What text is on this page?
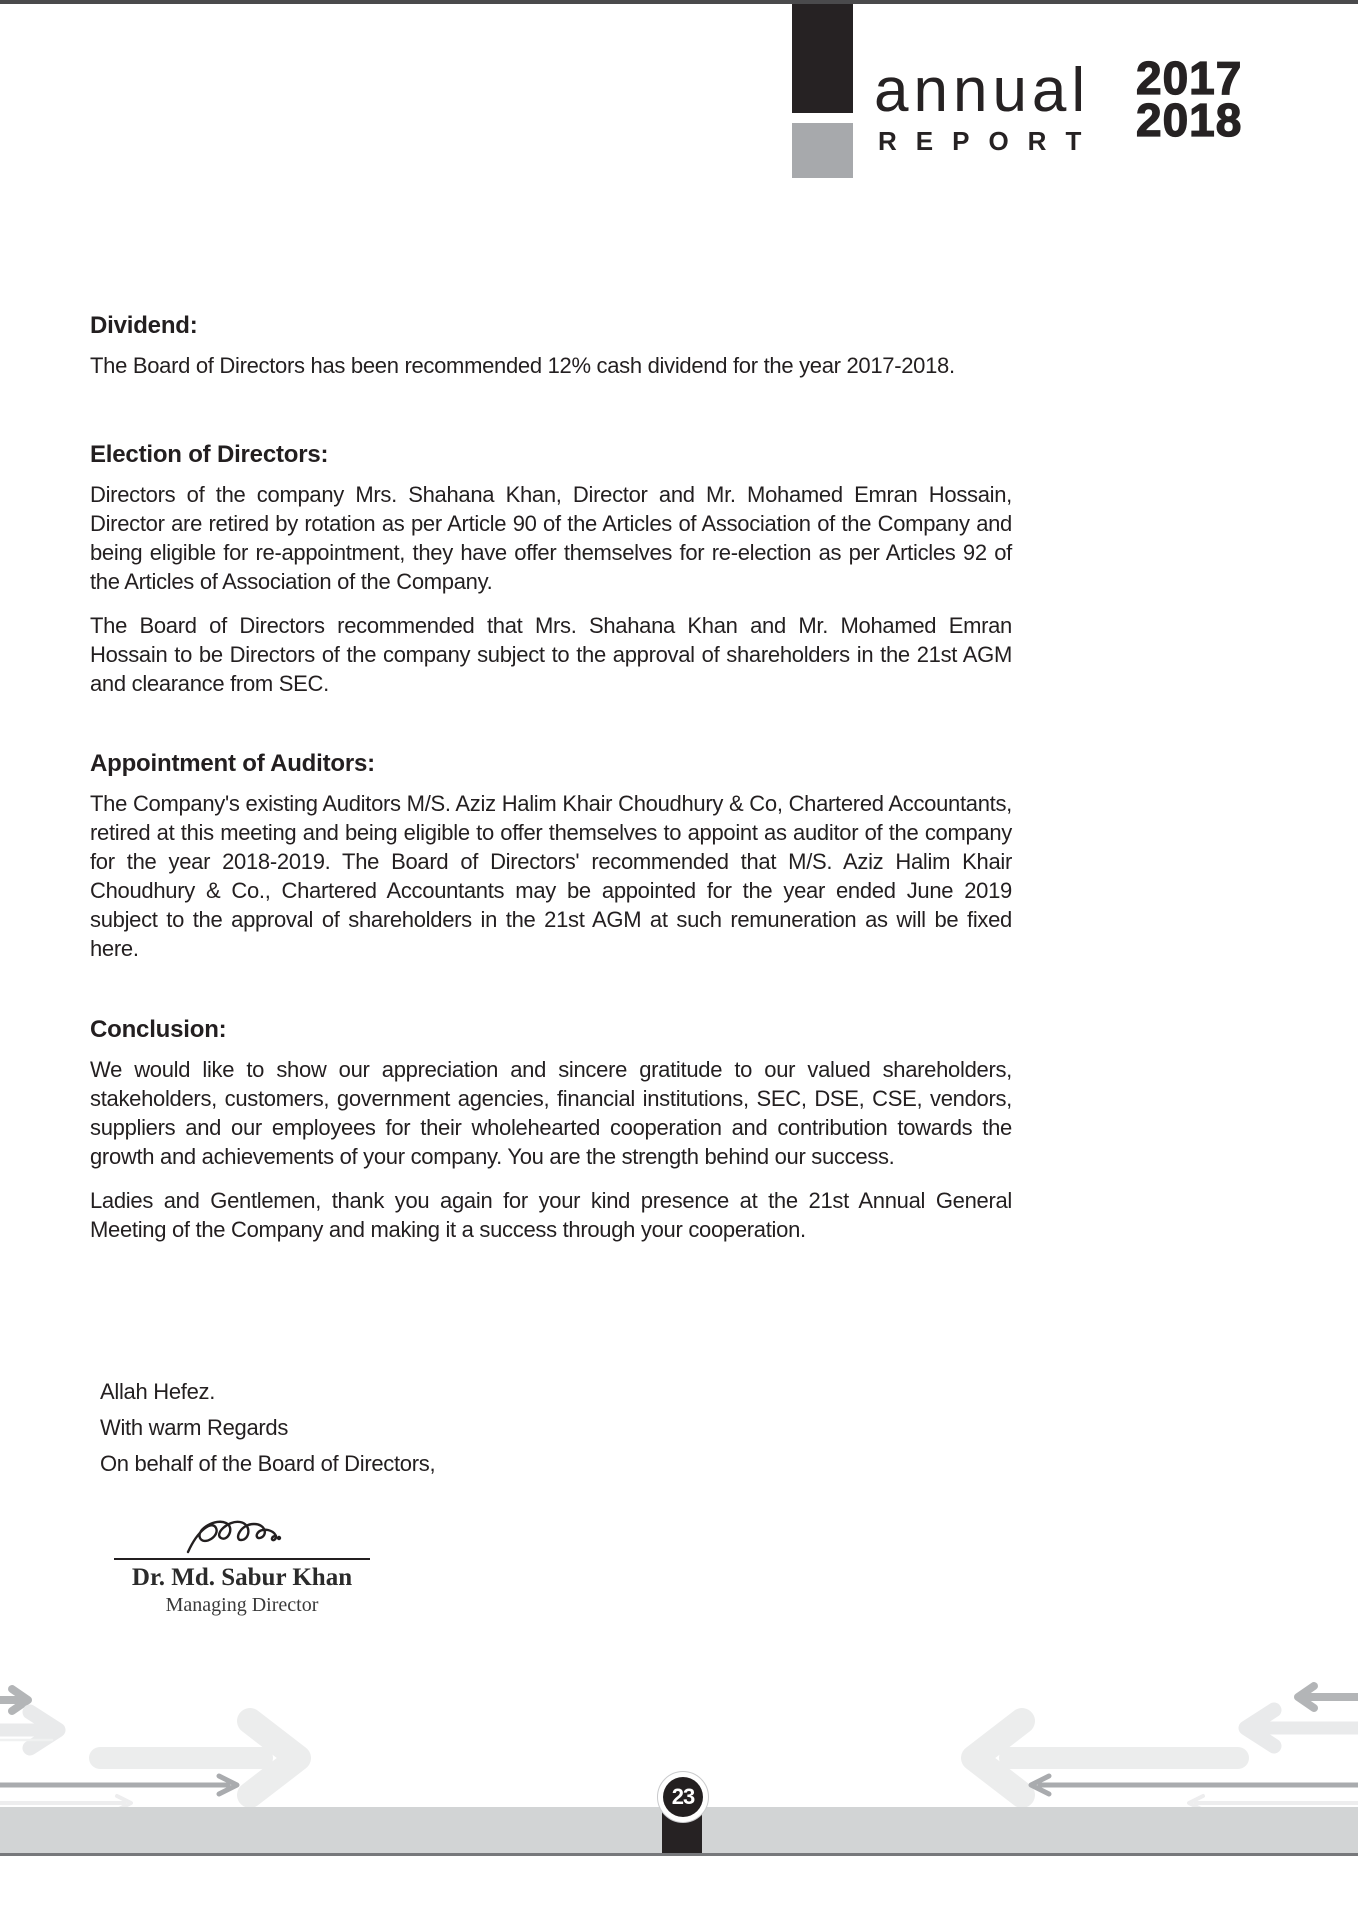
annual
REPORT
2017
2018
Dividend:

The Board of Directors has been recommended 12% cash dividend for the year 2017-2018.

Election of Directors:

Directors of the company Mrs. Shahana Khan, Director and Mr. Mohamed Emran Hossain, Director are retired by rotation as per Article 90 of the Articles of Association of the Company and being eligible for re-appointment, they have offer themselves for re-election as per Articles 92 of the Articles of Association of the Company.

The Board of Directors recommended that Mrs. Shahana Khan and Mr. Mohamed Emran Hossain to be Directors of the company subject to the approval of shareholders in the 21st AGM and clearance from SEC.

Appointment of Auditors:

The Company's existing Auditors M/S. Aziz Halim Khair Choudhury & Co, Chartered Accountants, retired at this meeting and being eligible to offer themselves to appoint as auditor of the company for the year 2018-2019. The Board of Directors' recommended that M/S. Aziz Halim Khair Choudhury & Co., Chartered Accountants may be appointed for the year ended June 2019 subject to the approval of shareholders in the 21st AGM at such remuneration as will be fixed here.

Conclusion:

We would like to show our appreciation and sincere gratitude to our valued shareholders, stakeholders, customers, government agencies, financial institutions, SEC, DSE, CSE, vendors, suppliers and our employees for their wholehearted cooperation and contribution towards the growth and achievements of your company. You are the strength behind our success.

Ladies and Gentlemen, thank you again for your kind presence at the 21st Annual General Meeting of the Company and making it a success through your cooperation.

Allah Hefez.
With warm Regards
On behalf of the Board of Directors,
Dr. Md. Sabur Khan
Managing Director
23
